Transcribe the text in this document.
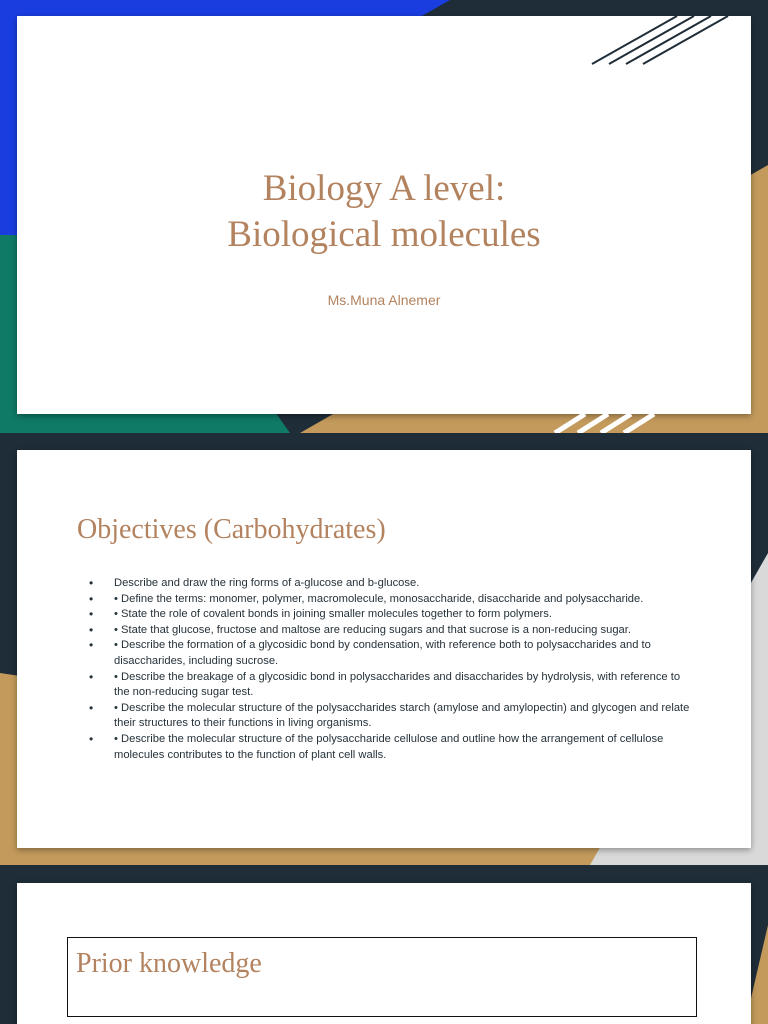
Biology A level:
Biological molecules
Ms.Muna Alnemer
Objectives (Carbohydrates)
• Describe and draw the ring forms of a-glucose and b-glucose.
• • Define the terms: monomer, polymer, macromolecule, monosaccharide, disaccharide and polysaccharide.
• • State the role of covalent bonds in joining smaller molecules together to form polymers.
• • State that glucose, fructose and maltose are reducing sugars and that sucrose is a non-reducing sugar.
• • Describe the formation of a glycosidic bond by condensation, with reference both to polysaccharides and to disaccharides, including sucrose.
• • Describe the breakage of a glycosidic bond in polysaccharides and disaccharides by hydrolysis, with reference to the non-reducing sugar test.
• • Describe the molecular structure of the polysaccharides starch (amylose and amylopectin) and glycogen and relate their structures to their functions in living organisms.
• • Describe the molecular structure of the polysaccharide cellulose and outline how the arrangement of cellulose molecules contributes to the function of plant cell walls.
Prior knowledge
